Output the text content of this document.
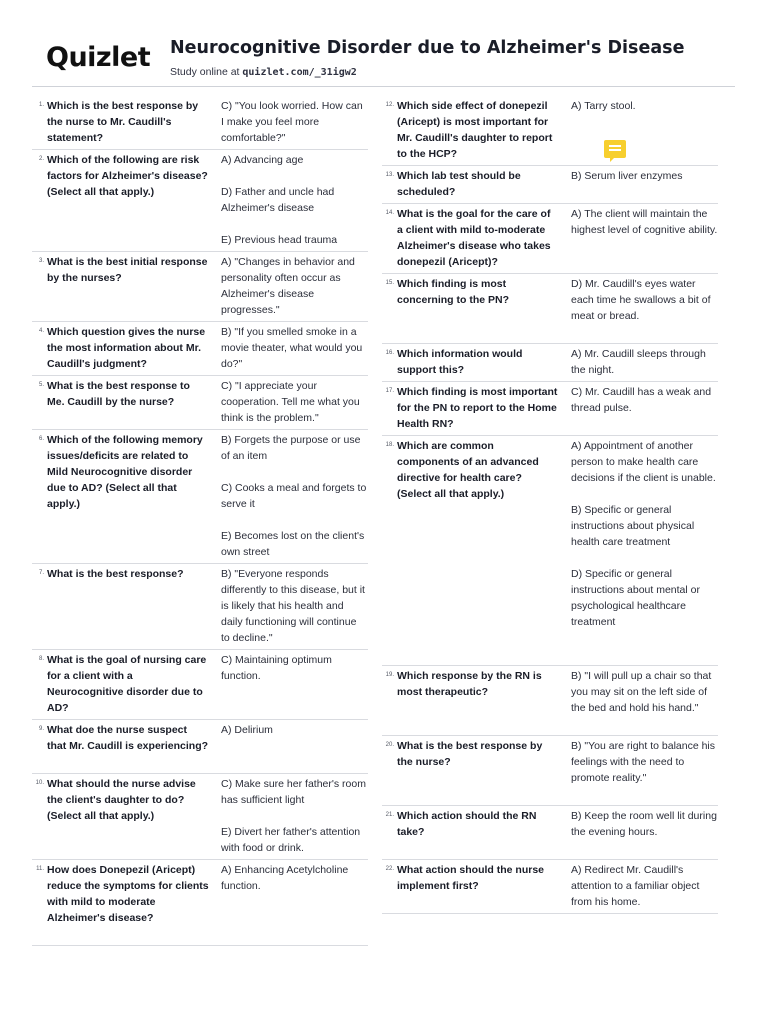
Quizlet Neurocognitive Disorder due to Alzheimer's Disease
Study online at quizlet.com/_31igw2
1. Which is the best response by the nurse to Mr. Caudill's statement?

C) "You look worried. How can I make you feel more comfortable?"

2. Which of the following are risk factors for Alzheimer's disease? (Select all that apply.)

A) Advancing age

D) Father and uncle had Alzheimer's disease

E) Previous head trauma

3. What is the best initial response by the nurses?

A) "Changes in behavior and personality often occur as Alzheimer's disease progresses."

4. Which question gives the nurse the most information about Mr. Caudill's judgment?

B) "If you smelled smoke in a movie theater, what would you do?"

5. What is the best response to Me. Caudill by the nurse?

C) "I appreciate your cooperation. Tell me what you think is the problem."

6. Which of the following memory issues/deficits are related to Mild Neurocognitive disorder due to AD? (Select all that apply.)

B) Forgets the purpose or use of an item

C) Cooks a meal and forgets to serve it

E) Becomes lost on the client's own street

7. What is the best response?	B) "Everyone responds differently to this disease, but it is likely that his health and daily functioning will continue to decline."

8. What is the goal of nursing care for a client with a Neurocognitive disorder due to AD?

C) Maintaining optimum function.

9. What doe the nurse suspect that Mr. Caudill is experiencing?

A) Delirium

10. What should the nurse advise the client's daughter to do? (Select all that apply.)

C) Make sure her father's room has sufficient light

E) Divert her father's attention with food or drink.

11. How does Donepezil (Aricept) reduce the symptoms for clients with mild to moderate Alzheimer's disease?

A) Enhancing Acetylcholine function.

12. Which side effect of donepezil (Aricept) is most important for Mr. Caudill's daughter to report to the HCP?

A) Tarry stool.

13. Which lab test should be scheduled?

B) Serum liver enzymes

14. What is the goal for the care of a client with mild to-moderate Alzheimer's disease who takes donepezil (Aricept)?

A) The client will maintain the highest level of cognitive ability.

15. Which finding is most concerning to the PN?

D) Mr. Caudill's eyes water each time he swallows a bit of meat or bread.

16. Which information would support this?

A) Mr. Caudill sleeps through the night.

17. Which finding is most important for the PN to report to the Home Health RN?

C) Mr. Caudill has a weak and thread pulse.

18. Which are common components of an advanced directive for health care? (Select all that apply.)

A) Appointment of another person to make health care decisions if the client is unable.

B) Specific or general instructions about physical health care treatment

D) Specific or general instructions about mental or psychological healthcare treatment

19. Which response by the RN is most therapeutic?

B) "I will pull up a chair so that you may sit on the left side of the bed and hold his hand."

20. What is the best response by the nurse?

B) "You are right to balance his feelings with the need to promote reality."

21. Which action should the RN take?

B) Keep the room well lit during the evening hours.

22. What action should the nurse implement first?

A) Redirect Mr. Caudill's attention to a familiar object from his home.
